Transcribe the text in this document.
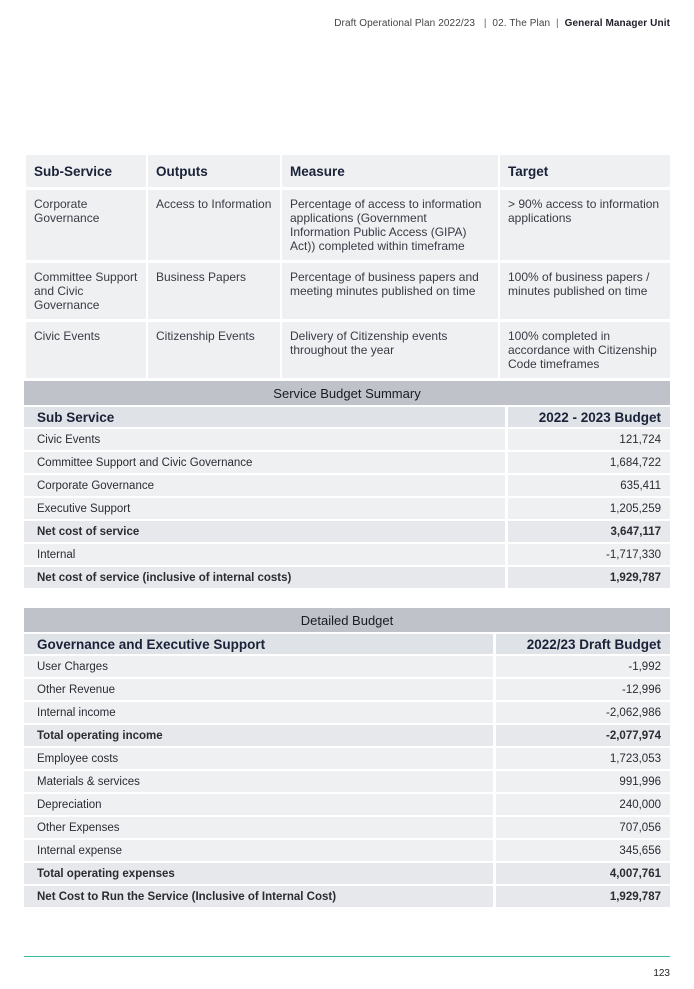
Draft Operational Plan 2022/23  | 02. The Plan | General Manager Unit
Sub-Service	Outputs	Measure	Target
Corporate Governance	Access to Information	Percentage of access to information applications (Government Information Public Access (GIPA) Act)) completed within timeframe	> 90% access to information applications
Committee Support and Civic Governance	Business Papers	Percentage of business papers and meeting minutes published on time	100% of business papers / minutes published on time
Civic Events	Citizenship Events	Delivery of Citizenship events throughout the year	100% completed in accordance with Citizenship Code timeframes
Service Budget Summary	
Sub Service	2022 - 2023 Budget
Civic Events	121,724
Committee Support and Civic Governance	1,684,722
Corporate Governance	635,411
Executive Support	1,205,259
Net cost of service	3,647,117
Internal	-1,717,330
Net cost of service (inclusive of internal costs)	1,929,787
Detailed Budget	
Governance and Executive Support	2022/23 Draft Budget
User Charges	-1,992
Other Revenue	-12,996
Internal income	-2,062,986
Total operating income	-2,077,974
Employee costs	1,723,053
Materials & services	991,996
Depreciation	240,000
Other Expenses	707,056
Internal expense	345,656
Total operating expenses	4,007,761
Net Cost to Run the Service (Inclusive of Internal Cost)	1,929,787
123
